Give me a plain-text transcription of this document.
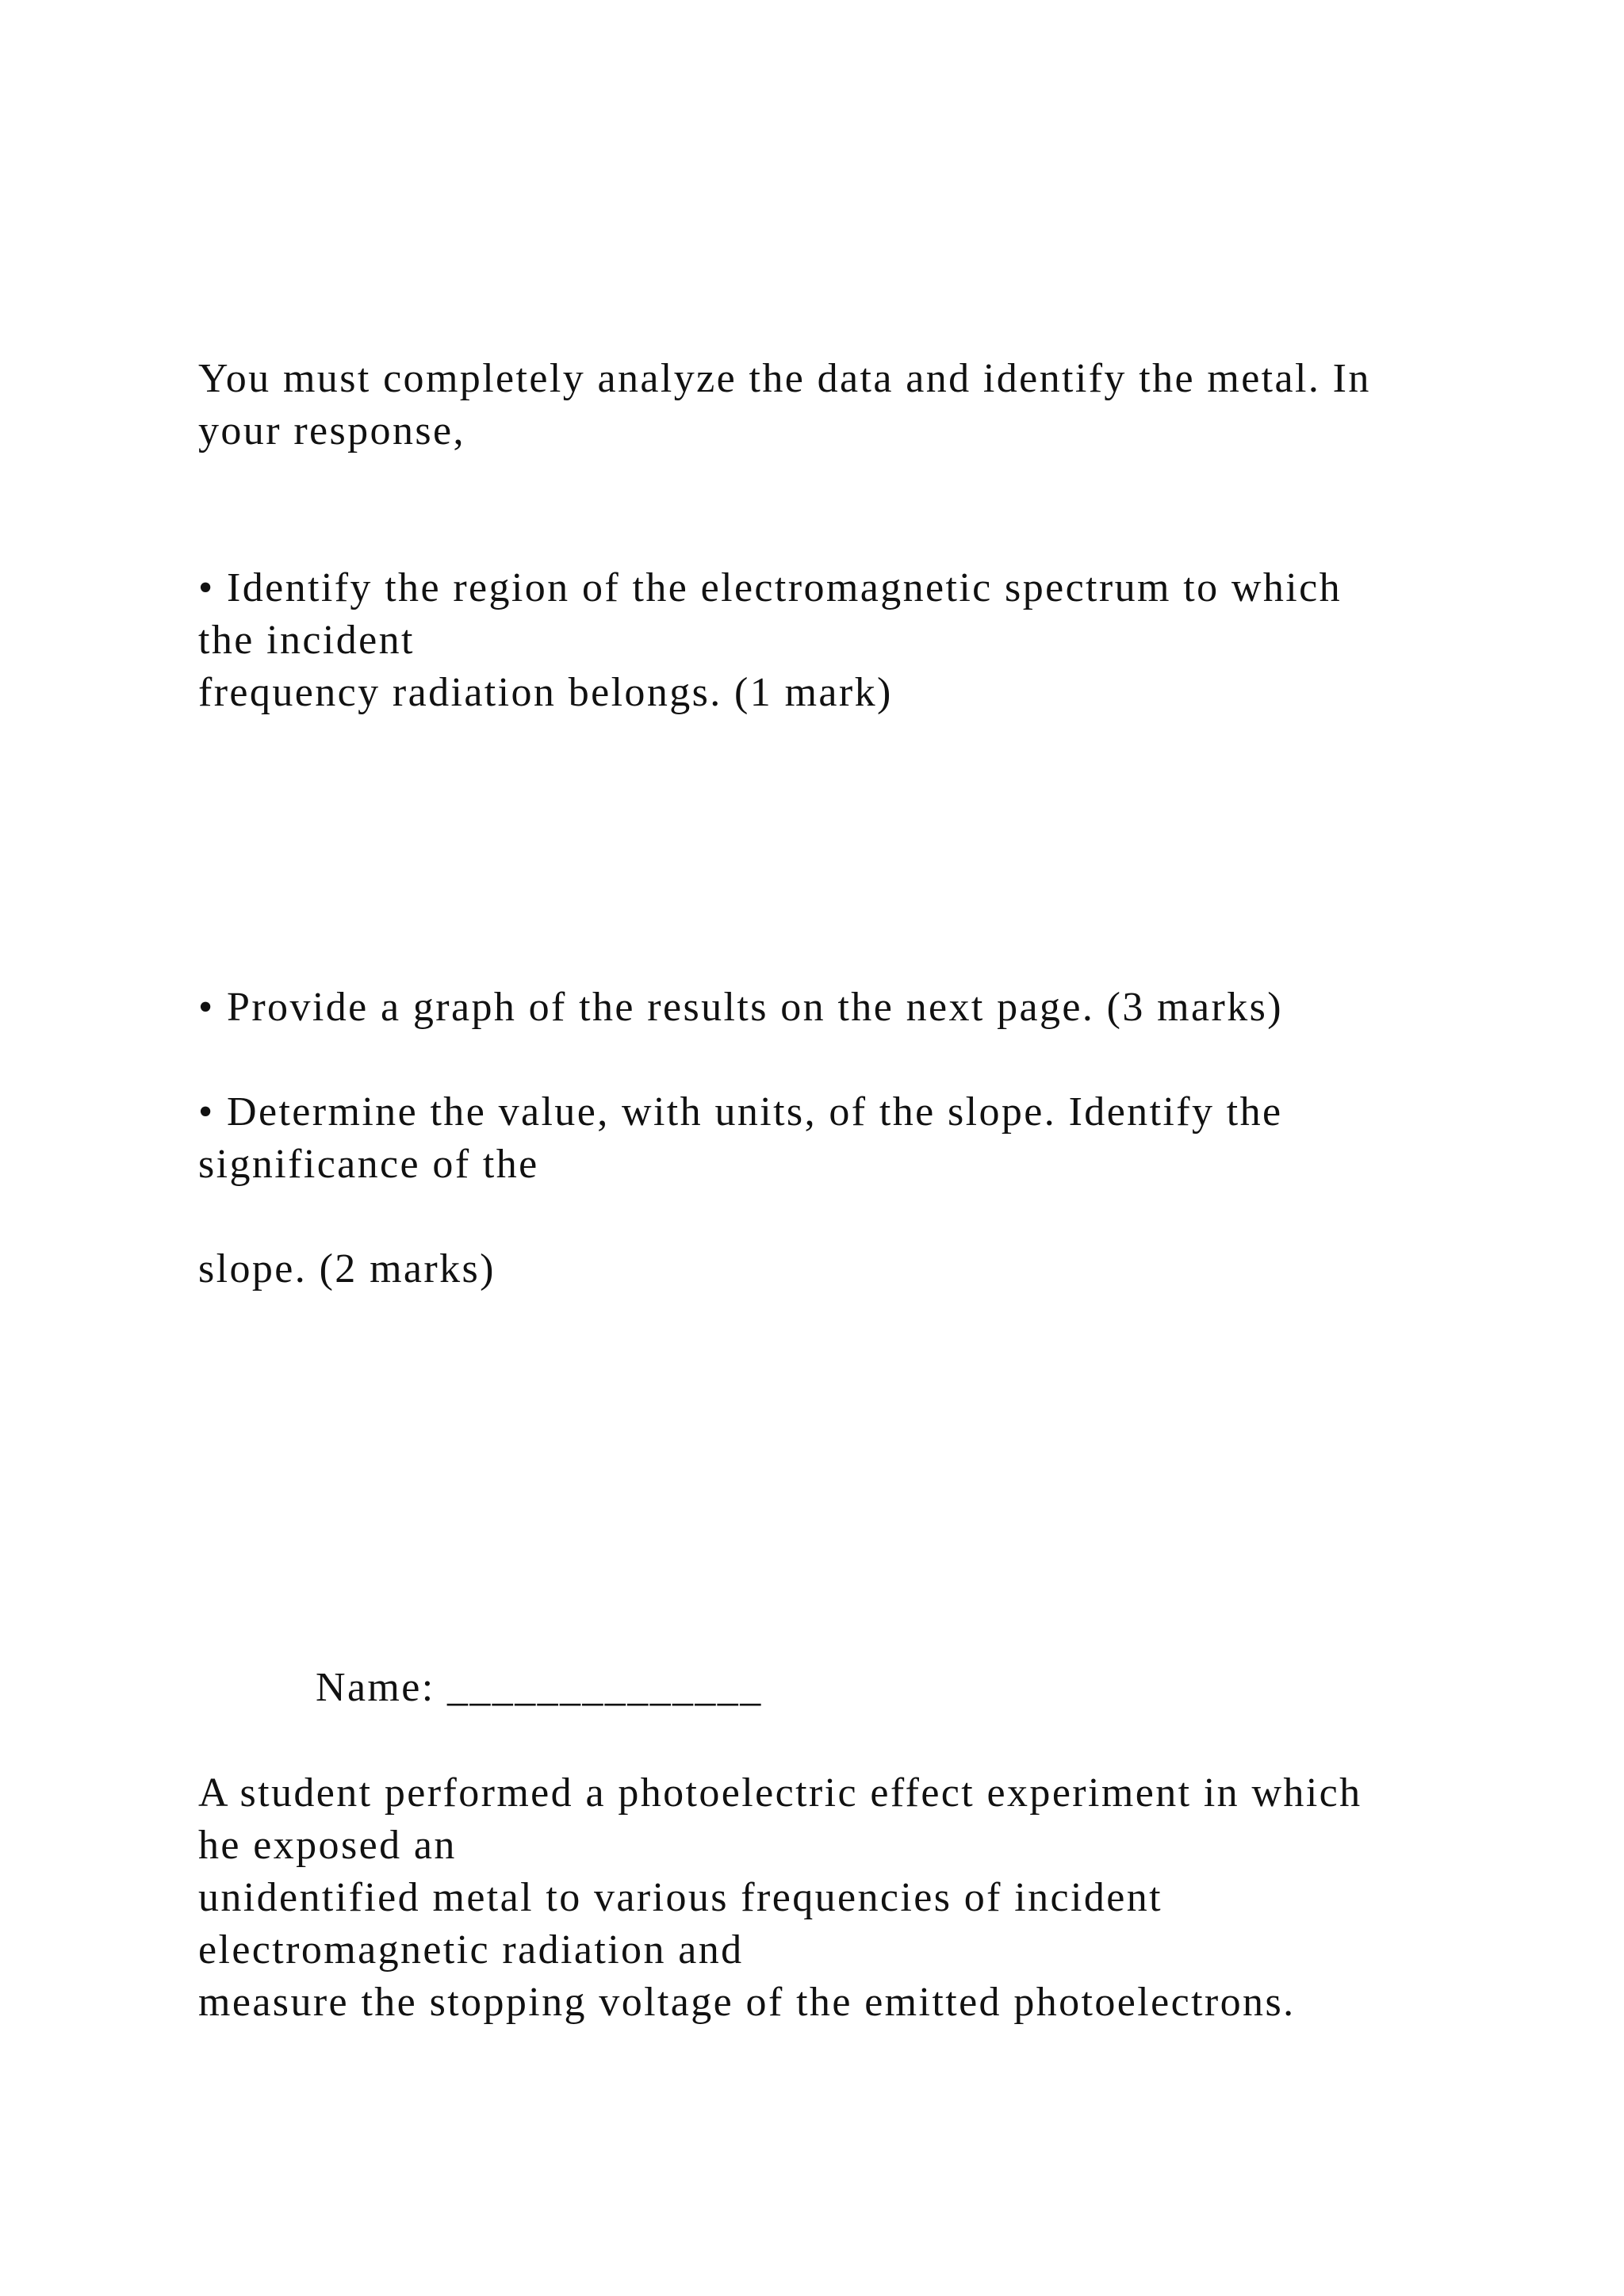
You must completely analyze the data and identify the metal. In

your response,

• Identify the region of the electromagnetic spectrum to which

the incident

frequency radiation belongs. (1 mark)

• Provide a graph of the results on the next page. (3 marks)

• Determine the value, with units, of the slope. Identify the

significance of the

slope. (2 marks)

Name: ______________

A student performed a photoelectric effect experiment in which

he exposed an

unidentified metal to various frequencies of incident

electromagnetic radiation and

measure the stopping voltage of the emitted photoelectrons.
